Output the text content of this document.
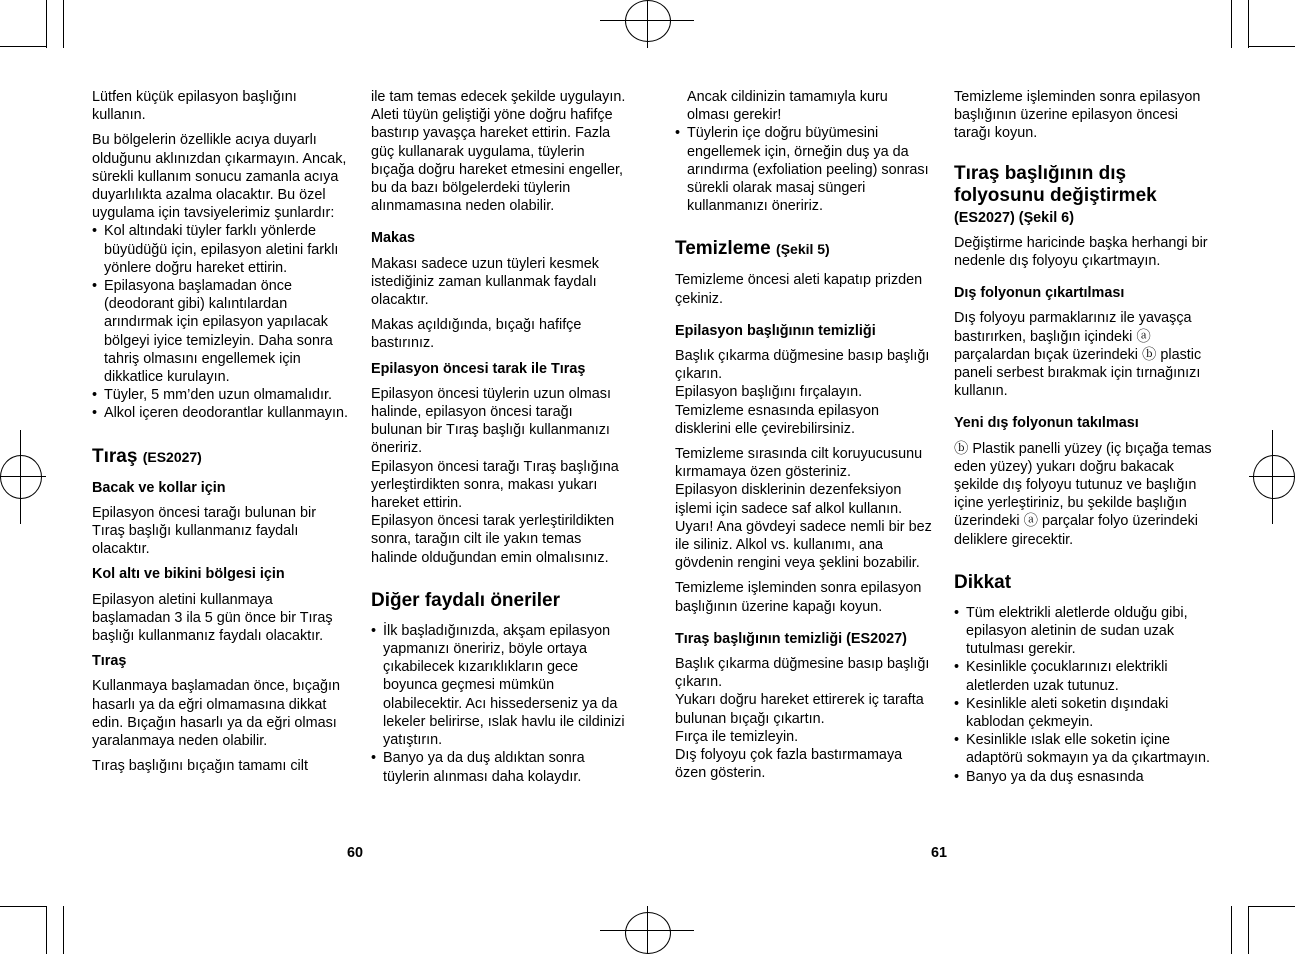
Lütfen küçük epilasyon başlığını kullanın.

Bu bölgelerin özellikle acıya duyarlı olduğunu aklınızdan çıkarmayın. Ancak, sürekli kullanım sonucu zamanla acıya duyarlılıkta azalma olacaktır. Bu özel uygulama için tavsiyelerimiz şunlardır:

• Kol altındaki tüyler farklı yönlerde büyüdüğü için, epilasyon aletini farklı yönlere doğru hareket ettirin.
• Epilasyona başlamadan önce (deodorant gibi) kalıntılardan arındırmak için epilasyon yapılacak bölgeyi iyice temizleyin. Daha sonra tahriş olmasını engellemek için dikkatlice kurulayın.
• Tüyler, 5 mm’den uzun olmamalıdır.
• Alkol içeren deodorantlar kullanmayın.
Tıraş (ES2027)

Bacak ve kollar için

Epilasyon öncesi tarağı bulunan bir Tıraş başlığı kullanmanız faydalı olacaktır.

Kol altı ve bikini bölgesi için

Epilasyon aletini kullanmaya başlamadan 3 ila 5 gün önce bir Tıraş başlığı kullanmanız faydalı olacaktır.

Tıraş

Kullanmaya başlamadan önce, bıçağın hasarlı ya da eğri olmamasına dikkat edin. Bıçağın hasarlı ya da eğri olması yaralanmaya neden olabilir.

Tıraş başlığını bıçağın tamamı cilt

ile tam temas edecek şekilde uygulayın.

Aleti tüyün geliştiği yöne doğru hafifçe bastırıp yavaşça hareket ettirin. Fazla güç kullanarak uygulama, tüylerin bıçağa doğru hareket etmesini engeller, bu da bazı bölgelerdeki tüylerin alınmamasına neden olabilir.

Makas

Makası sadece uzun tüyleri kesmek istediğiniz zaman kullanmak faydalı olacaktır.

Makas açıldığında, bıçağı hafifçe bastırınız.

Epilasyon öncesi tarak ile Tıraş

Epilasyon öncesi tüylerin uzun olması halinde, epilasyon öncesi tarağı bulunan bir Tıraş başlığı kullanmanızı öneririz.

Epilasyon öncesi tarağı Tıraş başlığına yerleştirdikten sonra, makası yukarı hareket ettirin.

Epilasyon öncesi tarak yerleştirildikten sonra, tarağın cilt ile yakın temas halinde olduğundan emin olmalısınız.

Diğer faydalı öneriler
• İlk başladığınızda, akşam epilasyon yapmanızı öneririz, böyle ortaya çıkabilecek kızarıklıkların gece boyunca geçmesi mümkün olabilecektir. Acı hissederseniz ya da lekeler belirirse, ıslak havlu ile cildinizi yatıştırın.
• Banyo ya da duş aldıktan sonra tüylerin alınması daha kolaydır.

Ancak cildinizin tamamıyla kuru olması gerekir!

• Tüylerin içe doğru büyümesini engellemek için, örneğin duş ya da arındırma (exfoliation peeling) sonrası sürekli olarak masaj süngeri kullanmanızı öneririz.
Temizleme (Şekil 5)

Temizleme öncesi aleti kapatıp prizden çekiniz.

Epilasyon başlığının temizliği

Başlık çıkarma düğmesine basıp başlığı çıkarın.

Epilasyon başlığını fırçalayın.

Temizleme esnasında epilasyon disklerini elle çevirebilirsiniz.

Temizleme sırasında cilt koruyucusunu kırmamaya özen gösteriniz.

Epilasyon disklerinin dezenfeksiyon işlemi için sadece saf alkol kullanın.

Uyarı! Ana gövdeyi sadece nemli bir bez ile siliniz. Alkol vs. kullanımı, ana gövdenin rengini veya şeklini bozabilir.

Temizleme işleminden sonra epilasyon başlığının üzerine kapağı koyun.

Tıraş başlığının temizliği (ES2027)

Başlık çıkarma düğmesine basıp başlığı çıkarın.

Yukarı doğru hareket ettirerek iç tarafta bulunan bıçağı çıkartın.

Fırça ile temizleyin.

Dış folyoyu çok fazla bastırmamaya özen gösterin.

Temizleme işleminden sonra epilasyon başlığının üzerine epilasyon öncesi tarağı koyun.

Tıraş başlığının dış folyosunu değiştirmek

(ES2027) (Şekil 6)

Değiştirme haricinde başka herhangi bir nedenle dış folyoyu çıkartmayın.

Dış folyonun çıkartılması

Dış folyoyu parmaklarınız ile yavaşça bastırırken, başlığın içindeki ⓐ parçalardan bıçak üzerindeki ⓑ plastic paneli serbest bırakmak için tırnağınızı kullanın.

Yeni dış folyonun takılması

ⓑ Plastik panelli yüzey (iç bıçağa temas eden yüzey) yukarı doğru bakacak şekilde dış folyoyu tutunuz ve başlığın içine yerleştiriniz, bu şekilde başlığın üzerindeki ⓐ parçalar folyo üzerindeki deliklere girecektir.

Dikkat
• Tüm elektrikli aletlerde olduğu gibi, epilasyon aletinin de sudan uzak tutulması gerekir.
• Kesinlikle çocuklarınızı elektrikli aletlerden uzak tutunuz.
• Kesinlikle aleti soketin dışındaki kablodan çekmeyin.
• Kesinlikle ıslak elle soketin içine adaptörü sokmayın ya da çıkartmayın.
• Banyo ya da duş esnasında
60	61
